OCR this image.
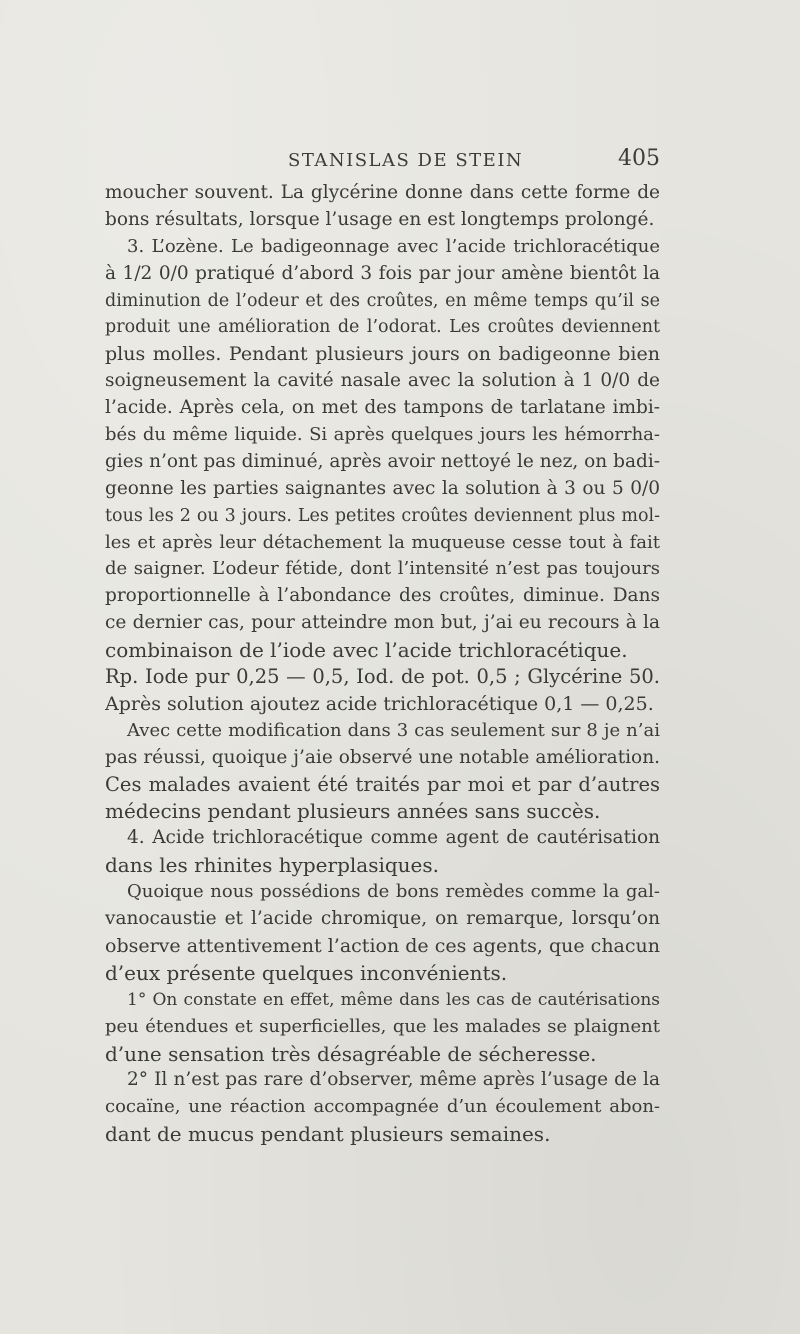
STANISLAS DE STEIN	405
moucher souvent. La glycérine donne dans cette forme de
bons résultats, lorsque l’usage en est longtemps prolongé.
3. L’ozène. Le badigeonnage avec l’acide trichloracétique
à 1/2 0/0 pratiqué d’abord 3 fois par jour amène bientôt la
diminution de l’odeur et des croûtes, en même temps qu’il se
produit une amélioration de l’odorat. Les croûtes deviennent
plus molles. Pendant plusieurs jours on badigeonne bien
soigneusement la cavité nasale avec la solution à 1 0/0 de
l’acide. Après cela, on met des tampons de tarlatane imbi-
bés du même liquide. Si après quelques jours les hémorrha-
gies n’ont pas diminué, après avoir nettoyé le nez, on badi-
geonne les parties saignantes avec la solution à 3 ou 5 0/0
tous les 2 ou 3 jours. Les petites croûtes deviennent plus mol-
les et après leur détachement la muqueuse cesse tout à fait
de saigner. L’odeur fétide, dont l’intensité n’est pas toujours
proportionnelle à l’abondance des croûtes, diminue. Dans
ce dernier cas, pour atteindre mon but, j’ai eu recours à la
combinaison de l’iode avec l’acide trichloracétique.
Rp. Iode pur 0,25 — 0,5, Iod. de pot. 0,5 ; Glycérine 50.
Après solution ajoutez acide trichloracétique 0,1 — 0,25.
Avec cette modification dans 3 cas seulement sur 8 je n’ai
pas réussi, quoique j’aie observé une notable amélioration.
Ces malades avaient été traités par moi et par d’autres
médecins pendant plusieurs années sans succès.
4. Acide trichloracétique comme agent de cautérisation
dans les rhinites hyperplasiques.
Quoique nous possédions de bons remèdes comme la gal-
vanocaustie et l’acide chromique, on remarque, lorsqu’on
observe attentivement l’action de ces agents, que chacun
d’eux présente quelques inconvénients.
1° On constate en effet, même dans les cas de cautérisations
peu étendues et superficielles, que les malades se plaignent
d’une sensation très désagréable de sécheresse.
2° Il n’est pas rare d’observer, même après l’usage de la
cocaïne, une réaction accompagnée d’un écoulement abon-
dant de mucus pendant plusieurs semaines.
